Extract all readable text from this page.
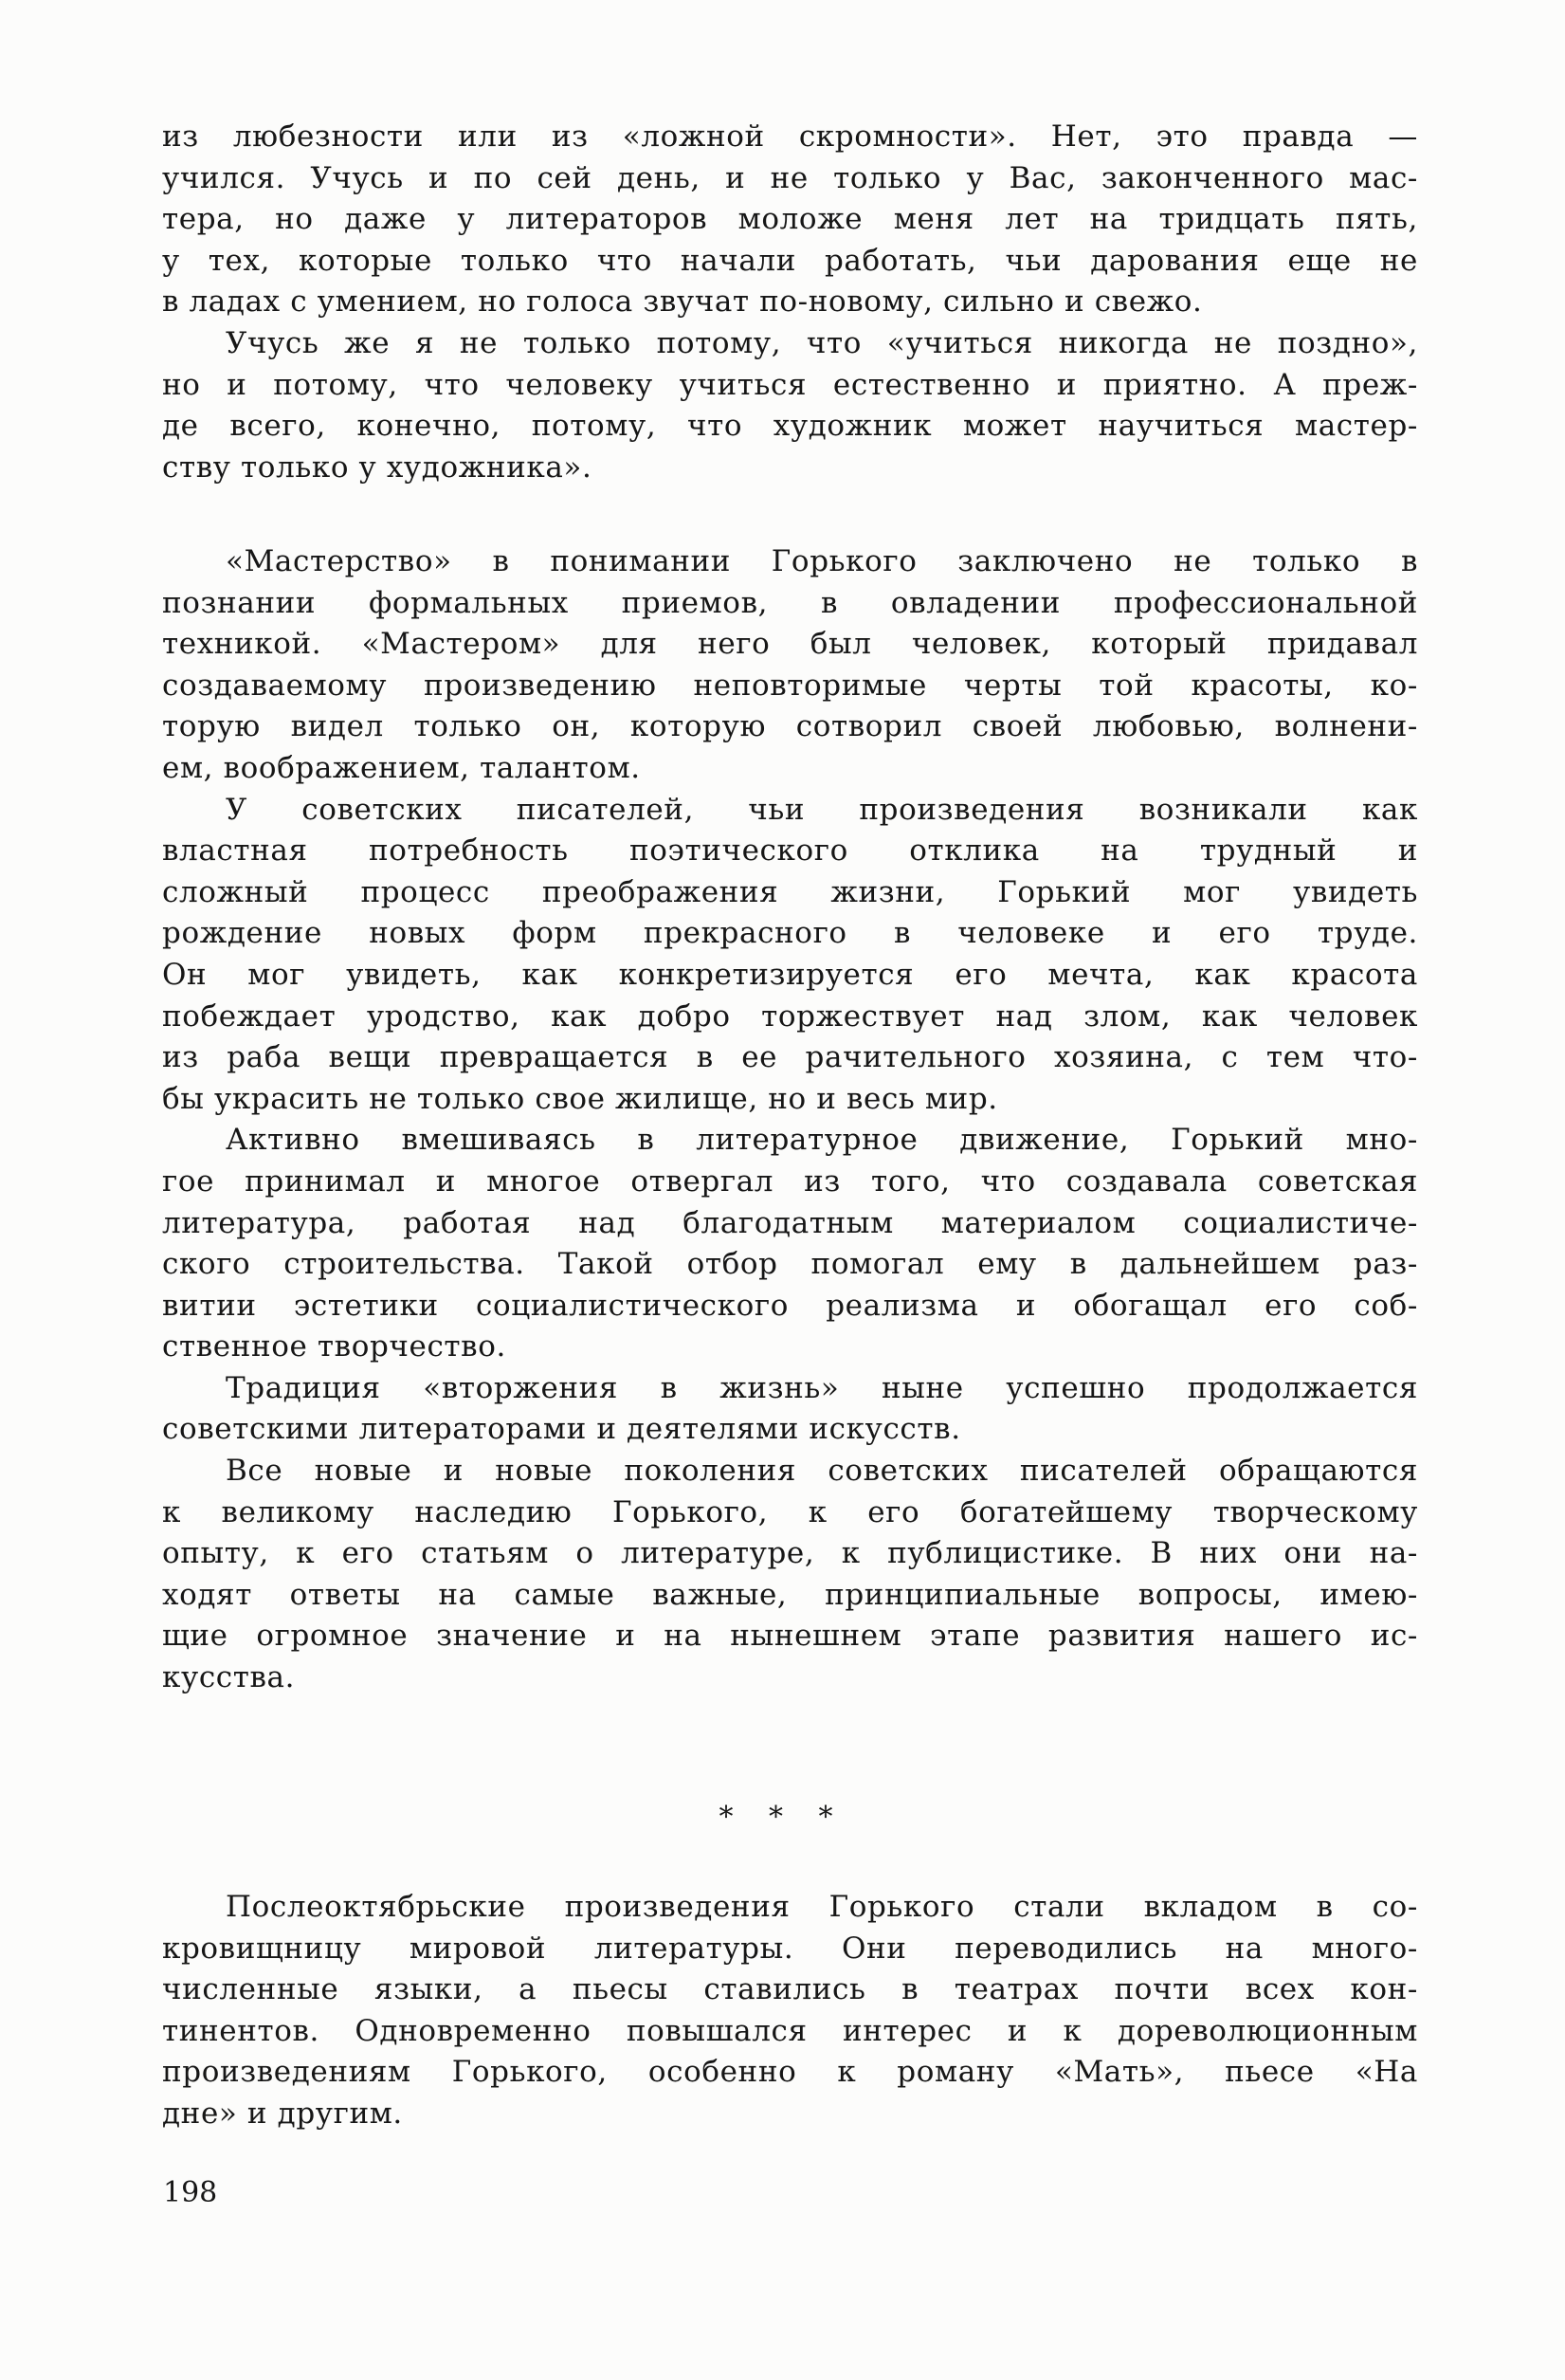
из любезности или из «ложной скромности». Нет, это правда —
учился. Учусь и по сей день, и не только у Вас, законченного мас-
тера, но даже у литераторов моложе меня лет на тридцать пять,
у тех, которые только что начали работать, чьи дарования еще не
в ладах с умением, но голоса звучат по-новому, сильно и свежо.
Учусь же я не только потому, что «учиться никогда не поздно»,
но и потому, что человеку учиться естественно и приятно. А преж-
де всего, конечно, потому, что художник может научиться мастер-
ству только у художника».
«Мастерство» в понимании Горького заключено не только в
познании формальных приемов, в овладении профессиональной
техникой. «Мастером» для него был человек, который придавал
создаваемому произведению неповторимые черты той красоты, ко-
торую видел только он, которую сотворил своей любовью, волнени-
ем, воображением, талантом.
У советских писателей, чьи произведения возникали как
властная потребность поэтического отклика на трудный и
сложный процесс преображения жизни, Горький мог увидеть
рождение новых форм прекрасного в человеке и его труде.
Он мог увидеть, как конкретизируется его мечта, как красота
побеждает уродство, как добро торжествует над злом, как человек
из раба вещи превращается в ее рачительного хозяина, с тем что-
бы украсить не только свое жилище, но и весь мир.
Активно вмешиваясь в литературное движение, Горький мно-
гое принимал и многое отвергал из того, что создавала советская
литература, работая над благодатным материалом социалистиче-
ского строительства. Такой отбор помогал ему в дальнейшем раз-
витии эстетики социалистического реализма и обогащал его соб-
ственное творчество.
Традиция «вторжения в жизнь» ныне успешно продолжается
советскими литераторами и деятелями искусств.
Все новые и новые поколения советских писателей обращаются
к великому наследию Горького, к его богатейшему творческому
опыту, к его статьям о литературе, к публицистике. В них они на-
ходят ответы на самые важные, принципиальные вопросы, имею-
щие огромное значение и на нынешнем этапе развития нашего ис-
кусства.
* * *
Послеоктябрьские произведения Горького стали вкладом в со-
кровищницу мировой литературы. Они переводились на много-
численные языки, а пьесы ставились в театрах почти всех кон-
тинентов. Одновременно повышался интерес и к дореволюционным
произведениям Горького, особенно к роману «Мать», пьесе «На
дне» и другим.
198
